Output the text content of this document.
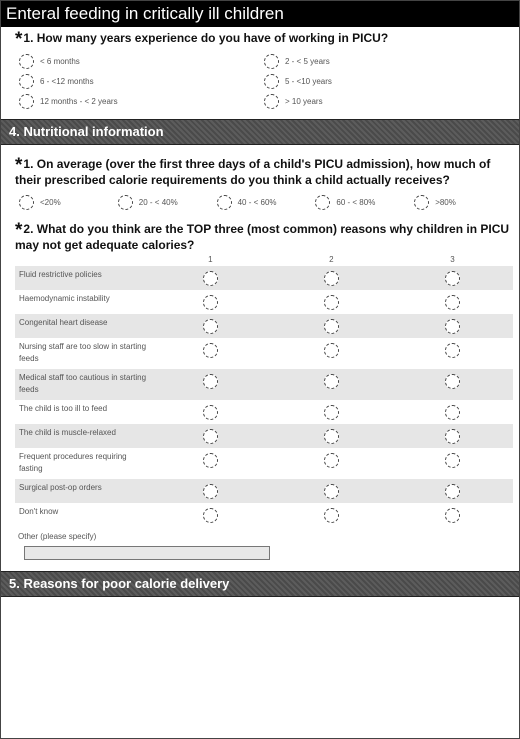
Enteral feeding in critically ill children
*1. How many years experience do you have of working in PICU?
< 6 months	2 - < 5 years
6 - <12 months	5 - <10 years
12 months - < 2 years	> 10 years
4. Nutritional information
*1. On average (over the first three days of a child's PICU admission), how much of their prescribed calorie requirements do you think a child actually receives?
<20%	20 - < 40%	40 - < 60%	60 - < 80%	>80%
*2. What do you think are the TOP three (most common) reasons why children in PICU may not get adequate calories?
1	2	3
Fluid restrictive policies
Haemodynamic instability
Congenital heart disease
Nursing staff are too slow in starting feeds
Medical staff too cautious in starting feeds
The child is too ill to feed
The child is muscle-relaxed
Frequent procedures requiring fasting
Surgical post-op orders
Don't know
Other (please specify)
5. Reasons for poor calorie delivery
